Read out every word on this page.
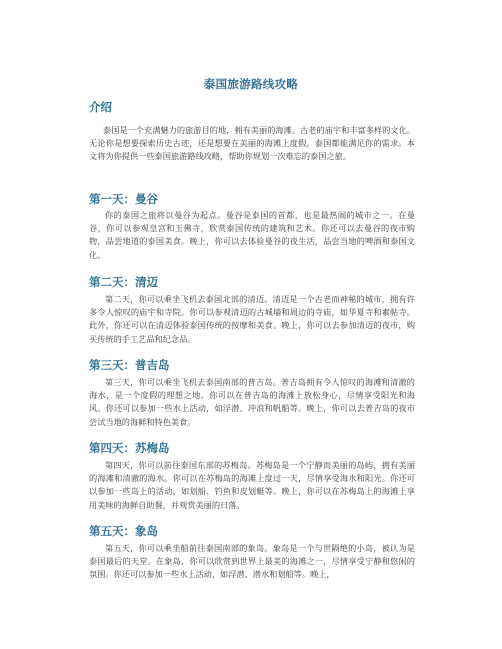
泰国旅游路线攻略
介绍

泰国是一个充满魅力的旅游目的地，拥有美丽的海滩、古老的庙宇和丰富多样的文化。无论你是想要探索历史古迹，还是想要在美丽的海滩上度假，泰国都能满足你的需求。本文将为你提供一些泰国旅游路线攻略，帮助你规划一次难忘的泰国之旅。

第一天：曼谷

你的泰国之旅将以曼谷为起点。曼谷是泰国的首都，也是最热闹的城市之一。在曼谷，你可以参观皇宫和玉佛寺，欣赏泰国传统的建筑和艺术。你还可以去曼谷的夜市购物，品尝地道的泰国美食。晚上，你可以去体验曼谷的夜生活，品尝当地的啤酒和泰国文化。

第二天：清迈

第二天，你可以乘坐飞机去泰国北部的清迈。清迈是一个古老而神秘的城市，拥有许多令人惊叹的庙宇和寺院。你可以参观清迈的古城墙和周边的寺庙，如华夏寺和素帖寺。此外，你还可以在清迈体验泰国传统的按摩和美食。晚上，你可以去参加清迈的夜市，购买传统的手工艺品和纪念品。

第三天：普吉岛

第三天，你可以乘坐飞机去泰国南部的普吉岛。普吉岛拥有令人惊叹的海滩和清澈的海水，是一个度假的理想之地。你可以在普吉岛的海滩上放松身心，尽情享受阳光和海风。你还可以参加一些水上活动，如浮潜、冲浪和帆船等。晚上，你可以去普吉岛的夜市尝试当地的海鲜和特色美食。

第四天：苏梅岛

第四天，你可以前往泰国东部的苏梅岛。苏梅岛是一个宁静而美丽的岛屿，拥有美丽的海滩和清澈的海水。你可以在苏梅岛的海滩上度过一天，尽情享受海水和阳光。你还可以参加一些岛上的活动，如划船、钓鱼和皮划艇等。晚上，你可以在苏梅岛上的海滩上享用美味的海鲜自助餐，并观赏美丽的日落。

第五天：象岛

第五天，你可以乘坐船前往泰国南部的象岛。象岛是一个与世隔绝的小岛，被认为是泰国最后的天堂。在象岛，你可以欣赏到世界上最美的海滩之一，尽情享受宁静和悠闲的氛围。你还可以参加一些水上活动，如浮潜、潜水和划船等。晚上，
